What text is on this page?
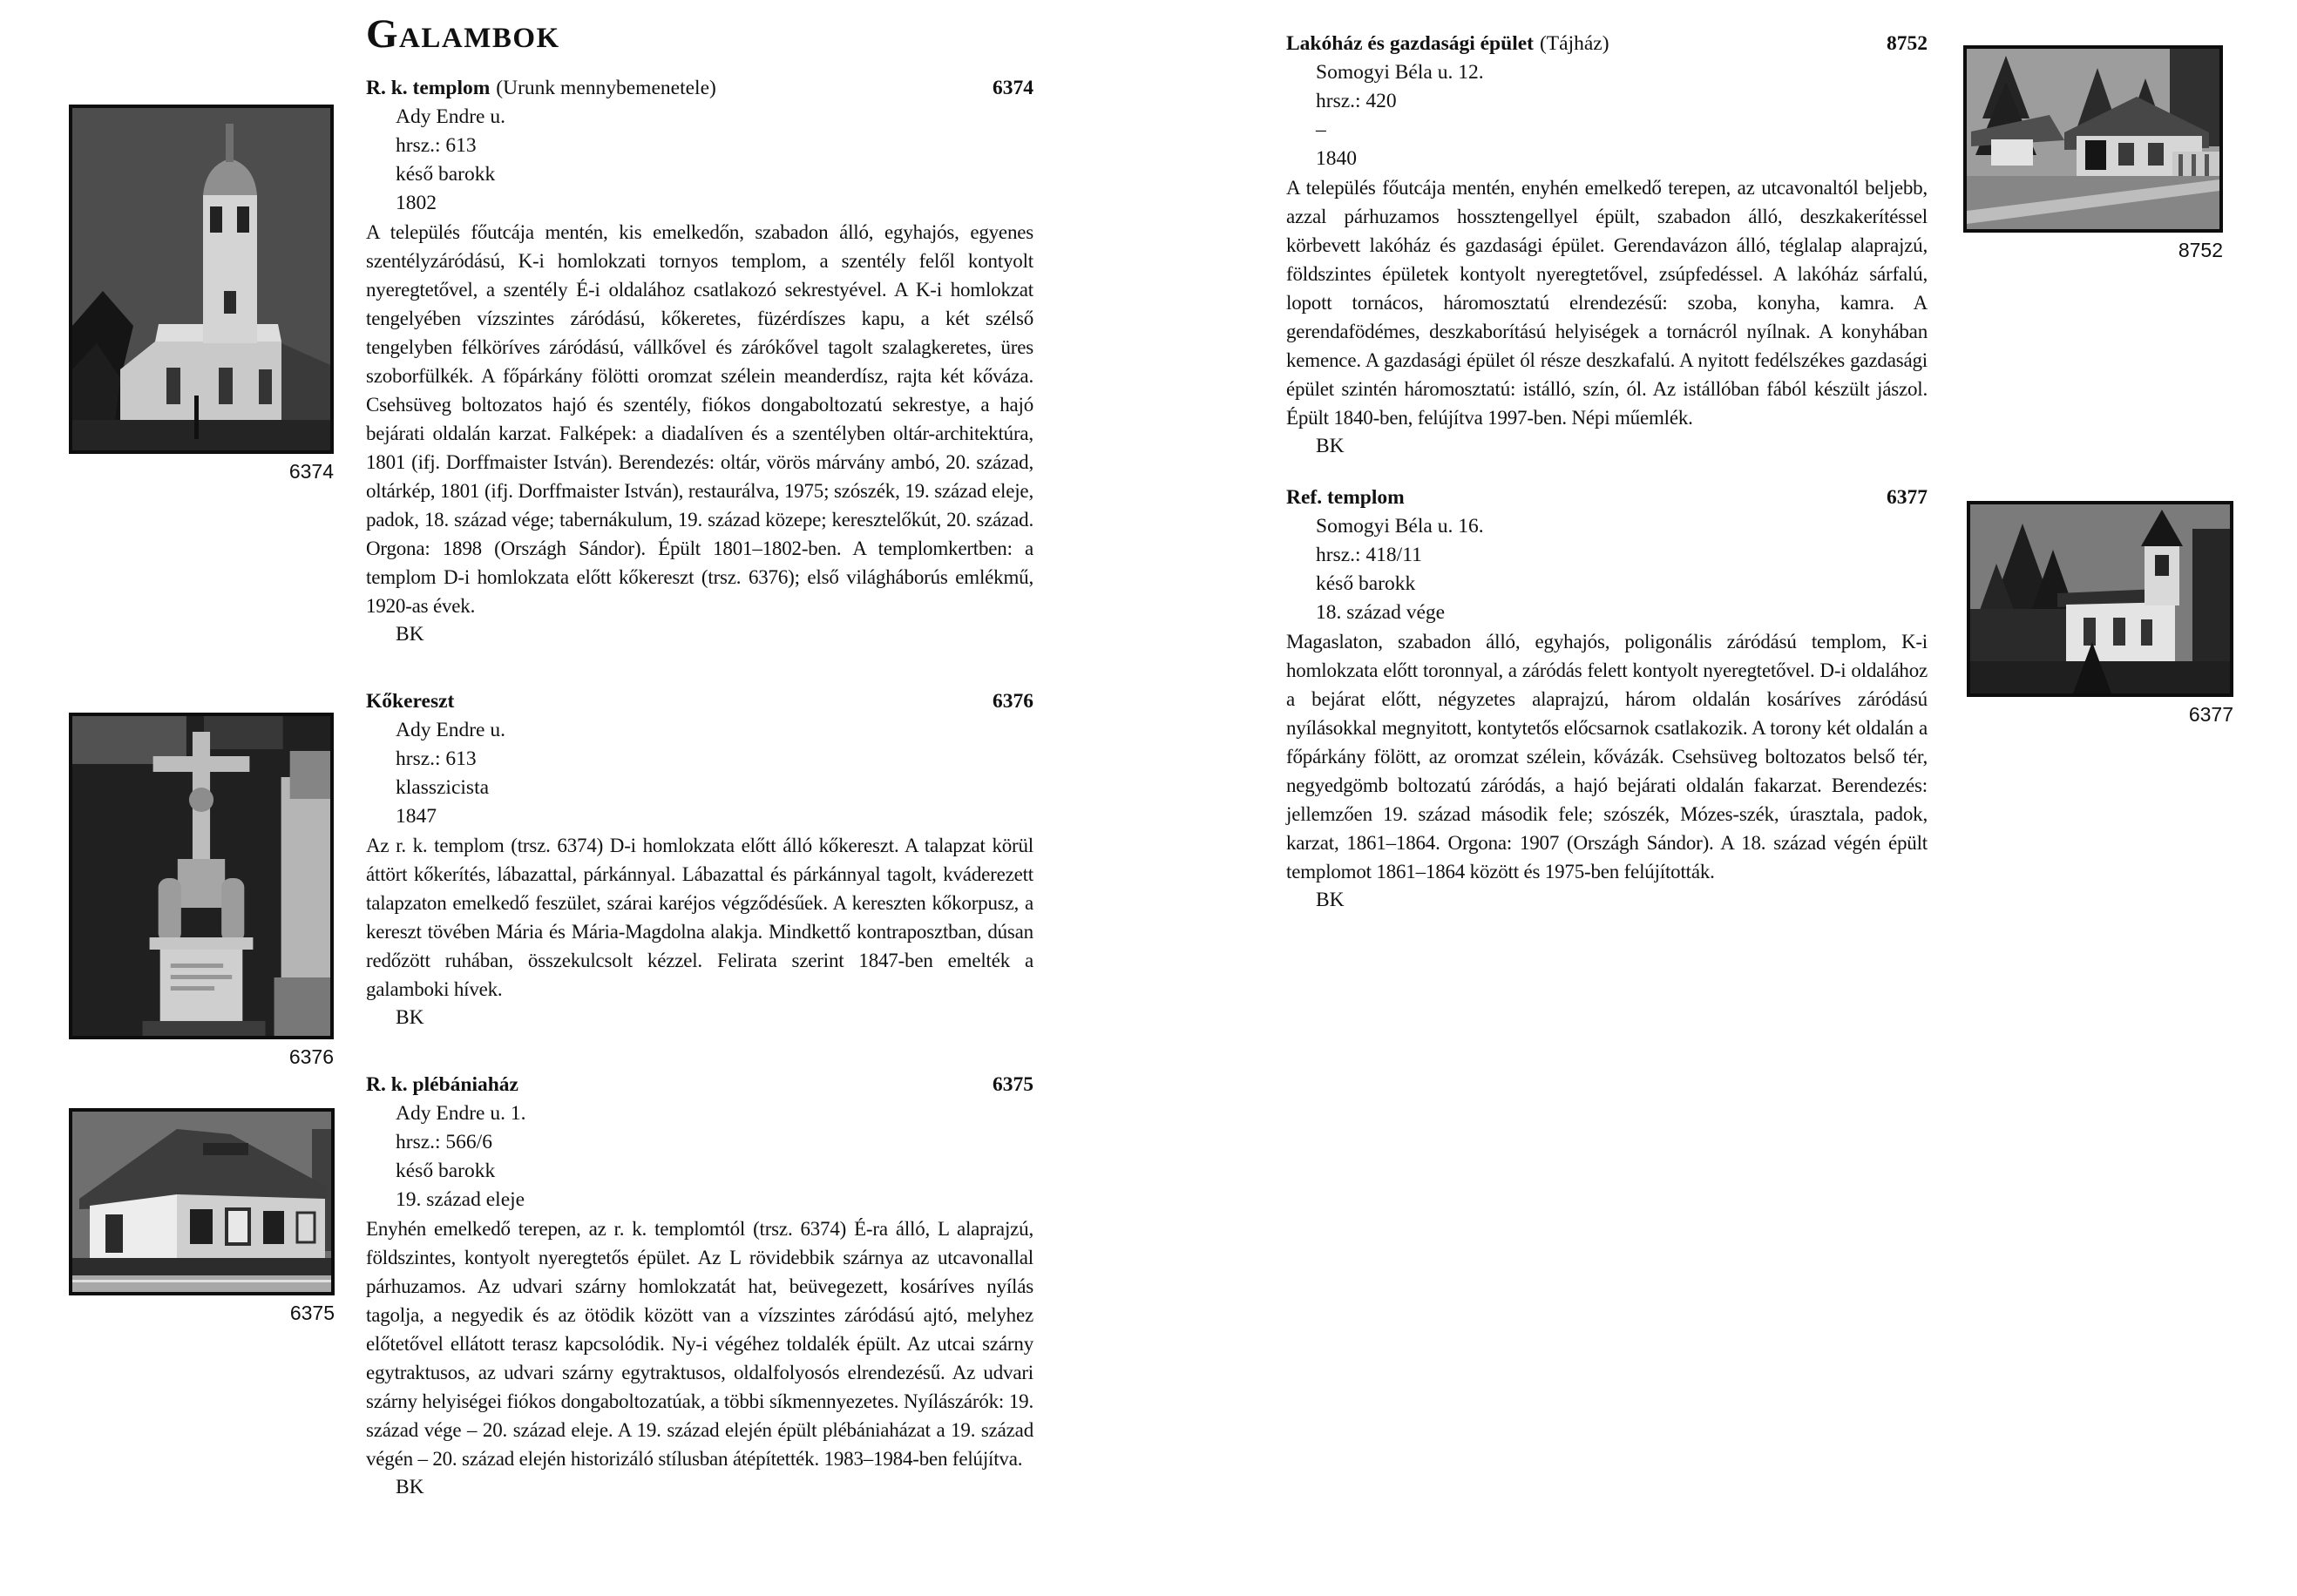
Galambok
R. k. templom (Urunk mennybemenetele)	6374
Ady Endre u.
hrsz.: 613
késő barokk
1802

A település főutcája mentén, kis emelkedőn, szabadon álló, egyhajós, egyenes szentélyzáródású, K-i homlokzati tornyos templom, a szentély felől kontyolt nyeregtetővel, a szentély É-i oldalához csatlakozó sekrestyével. A K-i homlokzat tengelyében vízszintes záródású, kőkeretes, füzérdíszes kapu, a két szélső tengelyben félköríves záródású, vállkővel és zárókővel tagolt szalagkeretes, üres szoborfülkék. A főpárkány fölötti oromzat szélein meanderdísz, rajta két kőváza. Csehsüveg boltozatos hajó és szentély, fiókos dongaboltozatú sekrestye, a hajó bejárati oldalán karzat. Falképek: a diadalíven és a szentélyben oltár-architektúra, 1801 (ifj. Dorffmaister István). Berendezés: oltár, vörös márvány ambó, 20. század, oltárkép, 1801 (ifj. Dorffmaister István), restaurálva, 1975; szószék, 19. század eleje, padok, 18. század vége; tabernákulum, 19. század közepe; keresztelőkút, 20. század. Orgona: 1898 (Országh Sándor). Épült 1801–1802-ben. A templomkertben: a templom D-i homlokzata előtt kőkereszt (trsz. 6376); első világháborús emlékmű, 1920-as évek.

BK
Kőkereszt	6376
Ady Endre u.
hrsz.: 613
klasszicista
1847

Az r. k. templom (trsz. 6374) D-i homlokzata előtt álló kőkereszt. A talapzat körül áttört kőkerítés, lábazattal, párkánnyal. Lábazattal és párkánnyal tagolt, kváderezett talapzaton emelkedő feszület, szárai karéjos végződésűek. A kereszten kőkorpusz, a kereszt tövében Mária és Mária-Magdolna alakja. Mindkettő kontraposztban, dúsan redőzött ruhában, összekulcsolt kézzel. Felirata szerint 1847-ben emelték a galamboki hívek.

BK
R. k. plébániaház	6375
Ady Endre u. 1.
hrsz.: 566/6
késő barokk
19. század eleje

Enyhén emelkedő terepen, az r. k. templomtól (trsz. 6374) É-ra álló, L alaprajzú, földszintes, kontyolt nyeregtetős épület. Az L rövidebbik szárnya az utcavonallal párhuzamos. Az udvari szárny homlokzatát hat, beüvegezett, kosáríves nyílás tagolja, a negyedik és az ötödik között van a vízszintes záródású ajtó, melyhez előtetővel ellátott terasz kapcsolódik. Ny-i végéhez toldalék épült. Az utcai szárny egytraktusos, az udvari szárny egytraktusos, oldalfolyosós elrendezésű. Az udvari szárny helyiségei fiókos dongaboltozatúak, a többi síkmennyezetes. Nyílászárók: 19. század vége – 20. század eleje. A 19. század elején épült plébániaházat a 19. század végén – 20. század elején historizáló stílusban átépítették. 1983–1984-ben felújítva.

BK
Lakóház és gazdasági épület (Tájház)	8752
Somogyi Béla u. 12.
hrsz.: 420
–
1840

A település főutcája mentén, enyhén emelkedő terepen, az utcavonaltól beljebb, azzal párhuzamos hossztengellyel épült, szabadon álló, deszkakerítéssel körbevett lakóház és gazdasági épület. Gerendavázon álló, téglalap alaprajzú, földszintes épületek kontyolt nyeregtetővel, zsúpfedéssel. A lakóház sárfalú, lopott tornácos, háromosztatú elrendezésű: szoba, konyha, kamra. A gerendafödémes, deszkaborítású helyiségek a tornácról nyílnak. A konyhában kemence. A gazdasági épület ól része deszkafalú. A nyitott fedélszékes gazdasági épület szintén háromosztatú: istálló, szín, ól. Az istállóban fából készült jászol. Épült 1840-ben, felújítva 1997-ben. Népi műemlék.

BK
Ref. templom	6377
Somogyi Béla u. 16.
hrsz.: 418/11
késő barokk
18. század vége

Magaslaton, szabadon álló, egyhajós, poligonális záródású templom, K-i homlokzata előtt toronnyal, a záródás felett kontyolt nyeregtetővel. D-i oldalához a bejárat előtt, négyzetes alaprajzú, három oldalán kosáríves záródású nyílásokkal megnyitott, kontytetős előcsarnok csatlakozik. A torony két oldalán a főpárkány fölött, az oromzat szélein, kővázák. Csehsüveg boltozatos belső tér, negyedgömb boltozatú záródás, a hajó bejárati oldalán fakarzat. Berendezés: jellemzően 19. század második fele; szószék, Mózes-szék, úrasztala, padok, karzat, 1861–1864. Orgona: 1907 (Országh Sándor). A 18. század végén épült templomot 1861–1864 között és 1975-ben felújították.

BK
6374
6376
6375
8752
6377
